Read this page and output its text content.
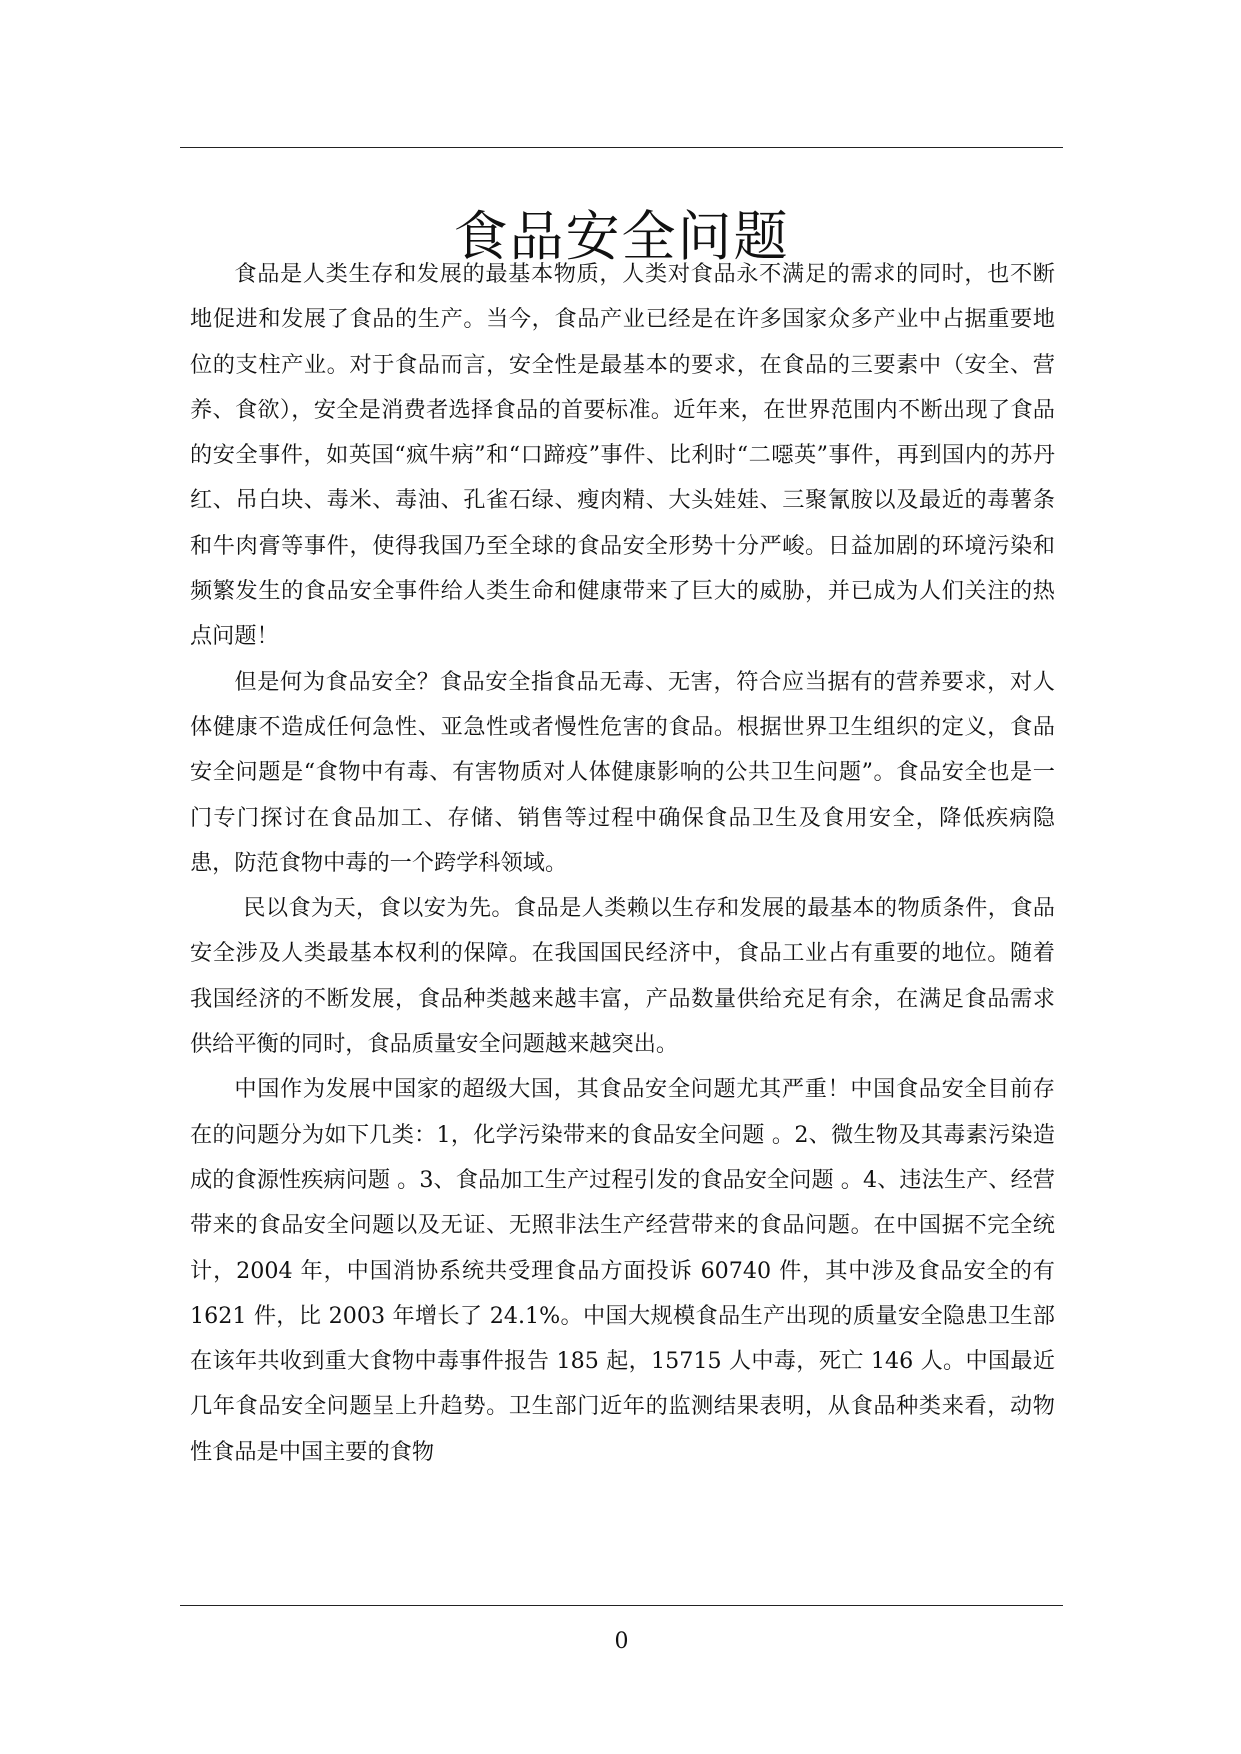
食品安全问题

食品是人类生存和发展的最基本物质，人类对食品永不满足的需求的同时，也不断地促进和发展了食品的生产。当今，食品产业已经是在许多国家众多产业中占据重要地位的支柱产业。对于食品而言，安全性是最基本的要求，在食品的三要素中（安全、营养、食欲），安全是消费者选择食品的首要标准。近年来，在世界范围内不断出现了食品的安全事件，如英国“疯牛病”和“口蹄疫”事件、比利时“二噁英”事件，再到国内的苏丹红、吊白块、毒米、毒油、孔雀石绿、瘦肉精、大头娃娃、三聚氰胺以及最近的毒薯条和牛肉膏等事件，使得我国乃至全球的食品安全形势十分严峻。日益加剧的环境污染和频繁发生的食品安全事件给人类生命和健康带来了巨大的威胁，并已成为人们关注的热点问题！

但是何为食品安全？食品安全指食品无毒、无害，符合应当据有的营养要求，对人体健康不造成任何急性、亚急性或者慢性危害的食品。根据世界卫生组织的定义，食品安全问题是“食物中有毒、有害物质对人体健康影响的公共卫生问题”。食品安全也是一门专门探讨在食品加工、存储、销售等过程中确保食品卫生及食用安全，降低疾病隐患，防范食物中毒的一个跨学科领域。

民以食为天，食以安为先。食品是人类赖以生存和发展的最基本的物质条件，食品安全涉及人类最基本权利的保障。在我国国民经济中，食品工业占有重要的地位。随着我国经济的不断发展，食品种类越来越丰富，产品数量供给充足有余，在满足食品需求供给平衡的同时，食品质量安全问题越来越突出。

中国作为发展中国家的超级大国，其食品安全问题尤其严重！中国食品安全目前存在的问题分为如下几类：1，化学污染带来的食品安全问题 。2、微生物及其毒素污染造成的食源性疾病问题 。3、食品加工生产过程引发的食品安全问题 。4、违法生产、经营带来的食品安全问题以及无证、无照非法生产经营带来的食品问题。在中国据不完全统计，2004 年，中国消协系统共受理食品方面投诉 60740 件，其中涉及食品安全的有 1621 件，比 2003 年增长了 24.1%。中国大规模食品生产出现的质量安全隐患卫生部在该年共收到重大食物中毒事件报告 185 起，15715 人中毒，死亡 146 人。中国最近几年食品安全问题呈上升趋势。卫生部门近年的监测结果表明，从食品种类来看，动物性食品是中国主要的食物

0
